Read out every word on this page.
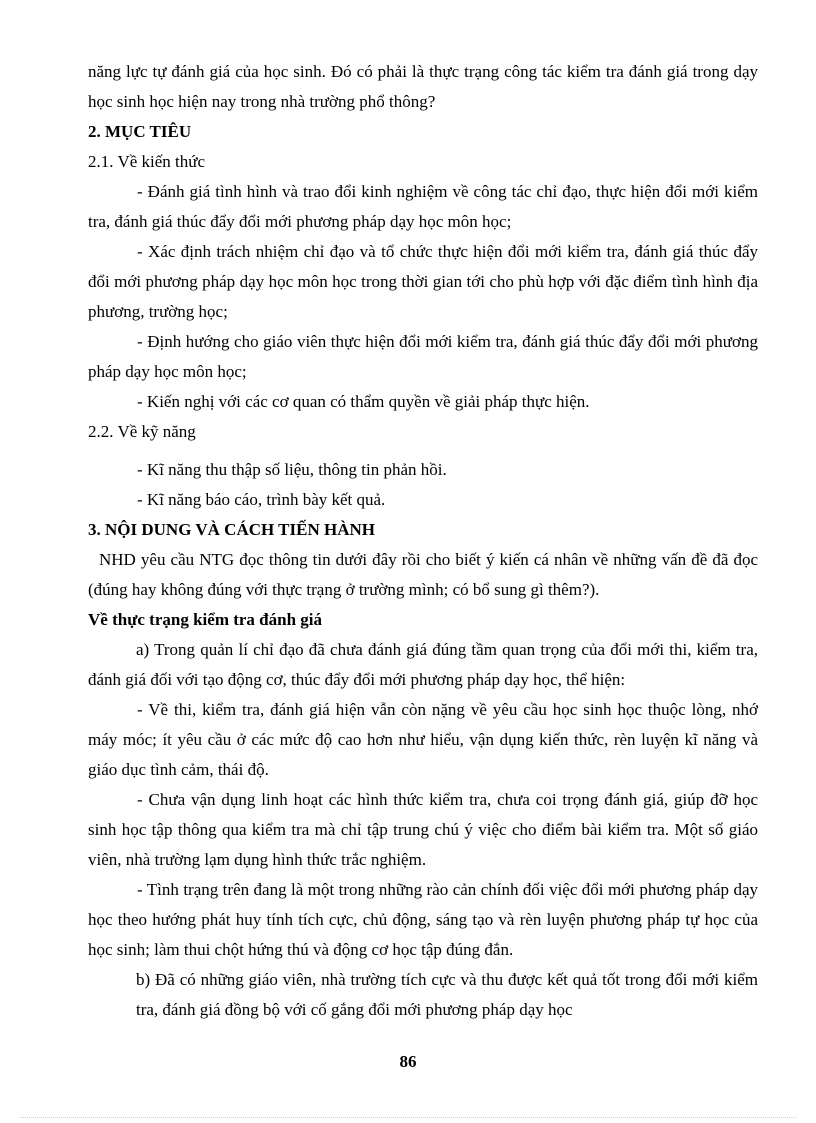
năng lực tự đánh giá của học sinh. Đó có phải là thực trạng công tác kiểm tra đánh giá trong dạy học sinh học hiện nay trong nhà trường phổ thông?

2. MỤC TIÊU

2.1. Về kiến thức

- Đánh giá tình hình và trao đổi kinh nghiệm về công tác chỉ đạo, thực hiện đổi mới kiểm tra, đánh giá thúc đẩy đổi mới phương pháp dạy học môn học;

- Xác định trách nhiệm chỉ đạo và tổ chức thực hiện đổi mới kiểm tra, đánh giá thúc đẩy đổi mới phương pháp dạy học môn học trong thời gian tới cho phù hợp với đặc điểm tình hình địa phương, trường học;

- Định hướng cho giáo viên thực hiện đổi mới kiểm tra, đánh giá thúc đẩy đổi mới phương pháp dạy học môn học;

- Kiến nghị với các cơ quan có thẩm quyền về giải pháp thực hiện.

2.2. Về kỹ năng

- Kĩ năng thu thập số liệu, thông tin phản hồi.

- Kĩ năng báo cáo, trình bày kết quả.

3. NỘI DUNG VÀ CÁCH TIẾN HÀNH

NHD yêu cầu NTG đọc thông tin dưới đây rồi cho biết ý kiến cá nhân về những vấn đề đã đọc (đúng hay không đúng với thực trạng ở trường mình; có bổ sung gì thêm?).

Về thực trạng kiểm tra đánh giá

a) Trong quản lí chỉ đạo đã chưa đánh giá đúng tầm quan trọng của đổi mới thi, kiểm tra, đánh giá đối với tạo động cơ, thúc đẩy đổi mới phương pháp dạy học, thể hiện:

- Về thi, kiểm tra, đánh giá hiện vẫn còn nặng về yêu cầu học sinh học thuộc lòng, nhớ máy móc; ít yêu cầu ở các mức độ cao hơn như hiểu, vận dụng kiến thức, rèn luyện kĩ năng và giáo dục tình cảm, thái độ.

- Chưa vận dụng linh hoạt các hình thức kiểm tra, chưa coi trọng đánh giá, giúp đỡ học sinh học tập thông qua kiểm tra mà chỉ tập trung chú ý việc cho điểm bài kiểm tra. Một số giáo viên, nhà trường lạm dụng hình thức trắc nghiệm.

- Tình trạng trên đang là một trong những rào cản chính đối việc đổi mới phương pháp dạy học theo hướng phát huy tính tích cực, chủ động, sáng tạo và rèn luyện phương pháp tự học của học sinh; làm thui chột hứng thú và động cơ học tập đúng đắn.

b) Đã có những giáo viên, nhà trường tích cực và thu được kết quả tốt trong đổi mới kiểm tra, đánh giá đồng bộ với cố gắng đổi mới phương pháp dạy học

86
